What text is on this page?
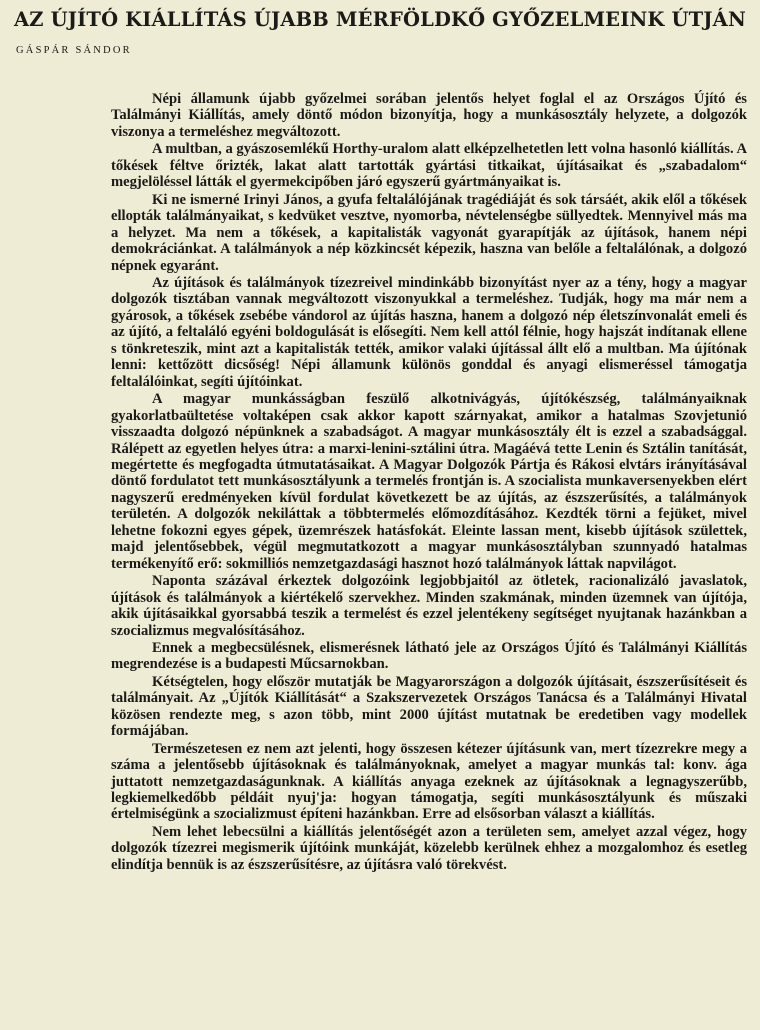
AZ ÚJÍTÓ KIÁLLÍTÁS ÚJABB MÉRFÖLDKŐ GYŐZELMEINK ÚTJÁN
GÁSPÁR SÁNDOR

Népi államunk újabb győzelmei sorában jelentős helyet foglal el az Országos Újító és Találmányi Kiállítás, amely döntő módon bizonyítja, hogy a munkásosztály helyzete, a dolgozók viszonya a termeléshez megváltozott.

A multban, a gyászosemlékű Horthy-uralom alatt elképzelhetetlen lett volna hasonló kiállítás. A tőkések féltve őrizték, lakat alatt tartották gyártási titkaikat, újításaikat és „szabadalom“ megjelöléssel látták el gyermekcipőben járó egyszerű gyártmányaikat is.

Ki ne ismerné Irinyi János, a gyufa feltalálójának tragédiáját és sok társáét, akik elől a tőkések ellopták találmányaikat, s kedvüket vesztve, nyomorba, névtelenségbe süllyedtek. Mennyivel más ma a helyzet. Ma nem a tőkések, a kapitalisták vagyonát gyarapítják az újítások, hanem népi demokráciánkat. A találmányok a nép közkincsét képezik, haszna van belőle a feltalálónak, a dolgozó népnek egyaránt.

Az újítások és találmányok tízezreivel mindinkább bizonyítást nyer az a tény, hogy a magyar dolgozók tisztában vannak megváltozott viszonyukkal a termeléshez. Tudják, hogy ma már nem a gyárosok, a tőkések zsebébe vándorol az újítás haszna, hanem a dolgozó nép életszínvonalát emeli és az újító, a feltaláló egyéni boldogulását is elősegíti. Nem kell attól félnie, hogy hajszát indítanak ellene s tönkreteszik, mint azt a kapitalisták tették, amikor valaki újítással állt elő a multban. Ma újítónak lenni: kettőzött dicsőség! Népi államunk különös gonddal és anyagi elismeréssel támogatja feltalálóinkat, segíti újítóinkat.

A magyar munkásságban feszülő alkotnivágyás, újítókészség, találmányaiknak gyakorlatbaültetése voltaképen csak akkor kapott szárnyakat, amikor a hatalmas Szovjetunió visszaadta dolgozó népünknek a szabadságot. A magyar munkásosztály élt is ezzel a szabadsággal. Rálépett az egyetlen helyes útra: a marxi-lenini-sztálini útra. Magáévá tette Lenin és Sztálin tanítását, megértette és megfogadta útmutatásaikat. A Magyar Dolgozók Pártja és Rákosi elvtárs irányításával döntő fordulatot tett munkásosztályunk a termelés frontján is. A szocialista munkaversenyekben elért nagyszerű eredményeken kívül fordulat következett be az újítás, az észszerűsítés, a találmányok területén. A dolgozók nekiláttak a többtermelés előmozdításához. Kezdték törni a fejüket, mivel lehetne fokozni egyes gépek, üzemrészek hatásfokát. Eleinte lassan ment, kisebb újítások születtek, majd jelentősebbek, végül megmutatkozott a magyar munkásosztályban szunnyadó hatalmas termékenyítő erő: sokmilliós nemzetgazdasági hasznot hozó találmányok láttak napvilágot.

Naponta százával érkeztek dolgozóink legjobbjaitól az ötletek, racionalizáló javaslatok, újítások és találmányok a kiértékelő szervekhez. Minden szakmának, minden üzemnek van újítója, akik újításaikkal gyorsabbá teszik a termelést és ezzel jelentékeny segítséget nyujtanak hazánkban a szocializmus megvalósításához.

Ennek a megbecsülésnek, elismerésnek látható jele az Országos Újító és Találmányi Kiállítás megrendezése is a budapesti Műcsarnokban.

Kétségtelen, hogy először mutatják be Magyarországon a dolgozók újításait, észszerűsítéseit és találmányait. Az „Újítók Kiállítását“ a Szakszervezetek Országos Tanácsa és a Találmányi Hivatal közösen rendezte meg, s azon több, mint 2000 újítást mutatnak be eredetiben vagy modellek formájában.

Természetesen ez nem azt jelenti, hogy összesen kétezer újításunk van, mert tízezrekre megy a száma a jelentősebb újításoknak és találmányoknak, amelyet a magyar munkás tal: konv. ága juttatott nemzetgazdaságunknak. A kiállítás anyaga ezeknek az újításoknak a legnagyszerűbb, legkiemelkedőbb példáit nyuj'ja: hogyan támogatja, segíti munkásosztályunk és műszaki értelmiségünk a szocializmust építeni hazánkban. Erre ad elsősorban választ a kiállítás.

Nem lehet lebecsülni a kiállítás jelentőségét azon a területen sem, amelyet azzal végez, hogy dolgozók tízezrei megismerik újítóink munkáját, közelebb kerülnek ehhez a mozgalomhoz és esetleg elindítja bennük is az észszerűsítésre, az újításra való törekvést.
